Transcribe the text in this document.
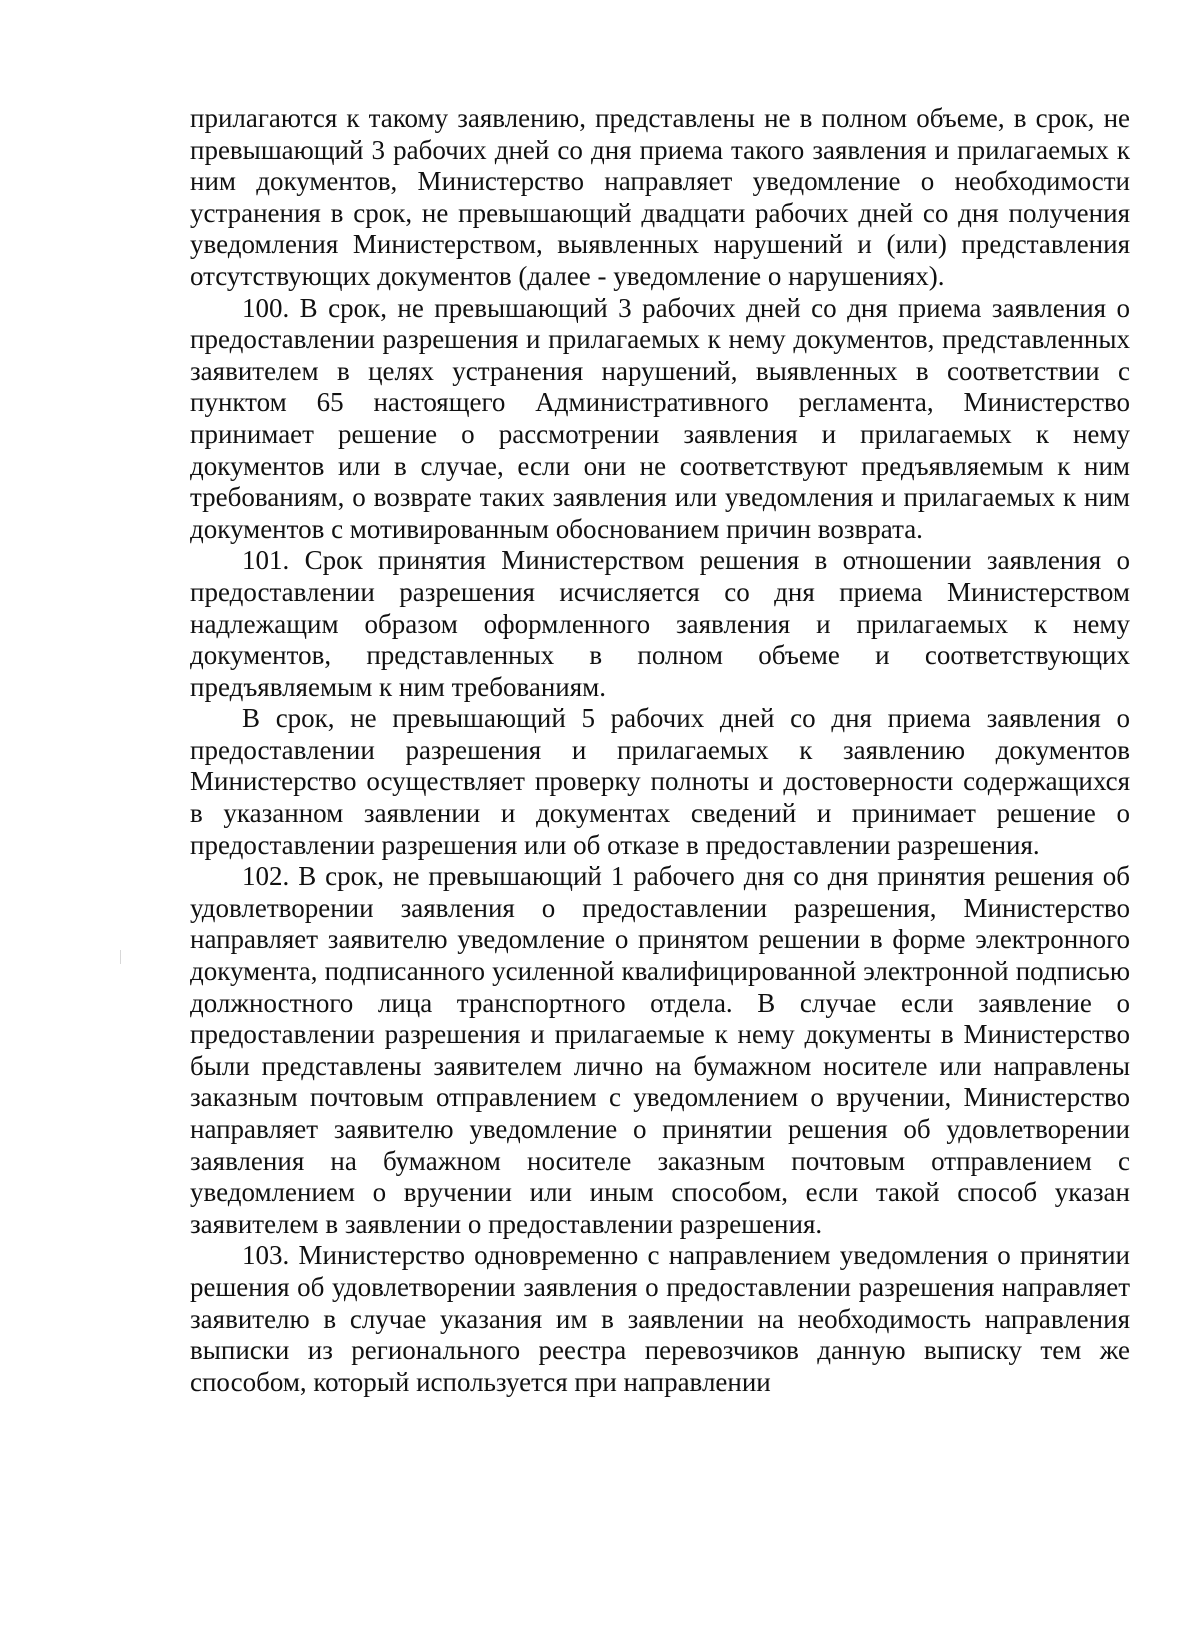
прилагаются к такому заявлению, представлены не в полном объеме, в срок, не превышающий 3 рабочих дней со дня приема такого заявления и прилагаемых к ним документов, Министерство направляет уведомление о необходимости устранения в срок, не превышающий двадцати рабочих дней со дня получения уведомления Министерством, выявленных нарушений и (или) представления отсутствующих документов (далее - уведомление о нарушениях).

100. В срок, не превышающий 3 рабочих дней со дня приема заявления о предоставлении разрешения и прилагаемых к нему документов, представленных заявителем в целях устранения нарушений, выявленных в соответствии с пунктом 65 настоящего Административного регламента, Министерство принимает решение о рассмотрении заявления и прилагаемых к нему документов или в случае, если они не соответствуют предъявляемым к ним требованиям, о возврате таких заявления или уведомления и прилагаемых к ним документов с мотивированным обоснованием причин возврата.

101. Срок принятия Министерством решения в отношении заявления о предоставлении разрешения исчисляется со дня приема Министерством надлежащим образом оформленного заявления и прилагаемых к нему документов, представленных в полном объеме и соответствующих предъявляемым к ним требованиям.

В срок, не превышающий 5 рабочих дней со дня приема заявления о предоставлении разрешения и прилагаемых к заявлению документов Министерство осуществляет проверку полноты и достоверности содержащихся в указанном заявлении и документах сведений и принимает решение о предоставлении разрешения или об отказе в предоставлении разрешения.

102. В срок, не превышающий 1 рабочего дня со дня принятия решения об удовлетворении заявления о предоставлении разрешения, Министерство направляет заявителю уведомление о принятом решении в форме электронного документа, подписанного усиленной квалифицированной электронной подписью должностного лица транспортного отдела. В случае если заявление о предоставлении разрешения и прилагаемые к нему документы в Министерство были представлены заявителем лично на бумажном носителе или направлены заказным почтовым отправлением с уведомлением о вручении, Министерство направляет заявителю уведомление о принятии решения об удовлетворении заявления на бумажном носителе заказным почтовым отправлением с уведомлением о вручении или иным способом, если такой способ указан заявителем в заявлении о предоставлении разрешения.

103. Министерство одновременно с направлением уведомления о принятии решения об удовлетворении заявления о предоставлении разрешения направляет заявителю в случае указания им в заявлении на необходимость направления выписки из регионального реестра перевозчиков данную выписку тем же способом, который используется при направлении
